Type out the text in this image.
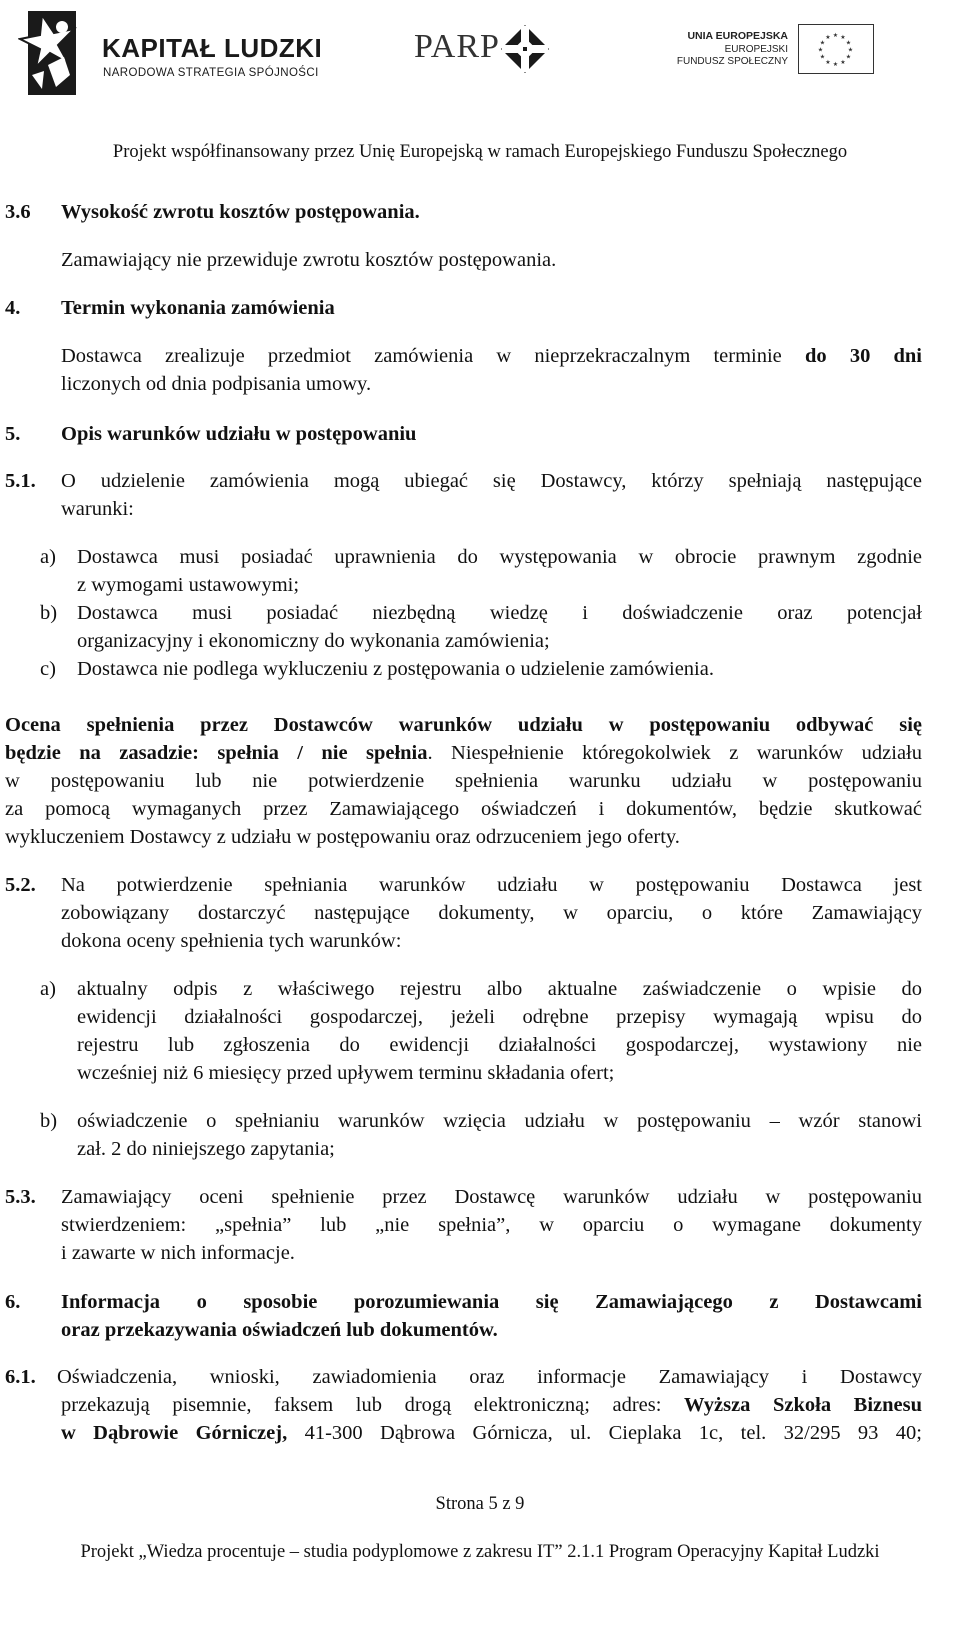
KAPITAŁ LUDZKI
NARODOWA STRATEGIA SPÓJNOŚCI
PARP	UNIA EUROPEJSKA
EUROPEJSKI
FUNDUSZ SPOŁECZNY
★ ★
★
★
★
★
★
★
★
★
★
★
Projekt współfinansowany przez Unię Europejską w ramach Europejskiego Funduszu Społecznego
3.6 Wysokość zwrotu kosztów postępowania.
Zamawiający nie przewiduje zwrotu kosztów postępowania.
4. Termin wykonania zamówienia
Dostawca zrealizuje przedmiot zamówienia w nieprzekraczalnym terminie do 30 dni
liczonych od dnia podpisania umowy.
5. Opis warunków udziału w postępowaniu
5.1. O udzielenie zamówienia mogą ubiegać się Dostawcy, którzy spełniają następujące
warunki:
a) Dostawca musi posiadać uprawnienia do występowania w obrocie prawnym zgodnie
z wymogami ustawowymi;
b) Dostawca musi posiadać niezbędną wiedzę i doświadczenie oraz potencjał
organizacyjny i ekonomiczny do wykonania zamówienia;
c) Dostawca nie podlega wykluczeniu z postępowania o udzielenie zamówienia.
Ocena spełnienia przez Dostawców warunków udziału w postępowaniu odbywać się
będzie na zasadzie: spełnia / nie spełnia. Niespełnienie któregokolwiek z warunków udziału
w postępowaniu lub nie potwierdzenie spełnienia warunku udziału w postępowaniu
za pomocą wymaganych przez Zamawiającego oświadczeń i dokumentów, będzie skutkować
wykluczeniem Dostawcy z udziału w postępowaniu oraz odrzuceniem jego oferty.
5.2. Na potwierdzenie spełniania warunków udziału w postępowaniu Dostawca jest
zobowiązany dostarczyć następujące dokumenty, w oparciu, o które Zamawiający
dokona oceny spełnienia tych warunków:
a) aktualny odpis z właściwego rejestru albo aktualne zaświadczenie o wpisie do
ewidencji działalności gospodarczej, jeżeli odrębne przepisy wymagają wpisu do
rejestru lub zgłoszenia do ewidencji działalności gospodarczej, wystawiony nie
wcześniej niż 6 miesięcy przed upływem terminu składania ofert;
b) oświadczenie o spełnianiu warunków wzięcia udziału w postępowaniu – wzór stanowi
zał. 2 do niniejszego zapytania;
5.3. Zamawiający oceni spełnienie przez Dostawcę warunków udziału w postępowaniu
stwierdzeniem: „spełnia” lub „nie spełnia”, w oparciu o wymagane dokumenty
i zawarte w nich informacje.
6. Informacja o sposobie porozumiewania się Zamawiającego z Dostawcami
oraz przekazywania oświadczeń lub dokumentów.
6.1. Oświadczenia, wnioski, zawiadomienia oraz informacje Zamawiający i Dostawcy
przekazują pisemnie, faksem lub drogą elektroniczną; adres: Wyższa Szkoła Biznesu
w Dąbrowie Górniczej, 41-300 Dąbrowa Górnicza, ul. Cieplaka 1c, tel. 32/295 93 40;
Strona 5 z 9
Projekt „Wiedza procentuje – studia podyplomowe z zakresu IT” 2.1.1 Program Operacyjny Kapitał Ludzki
